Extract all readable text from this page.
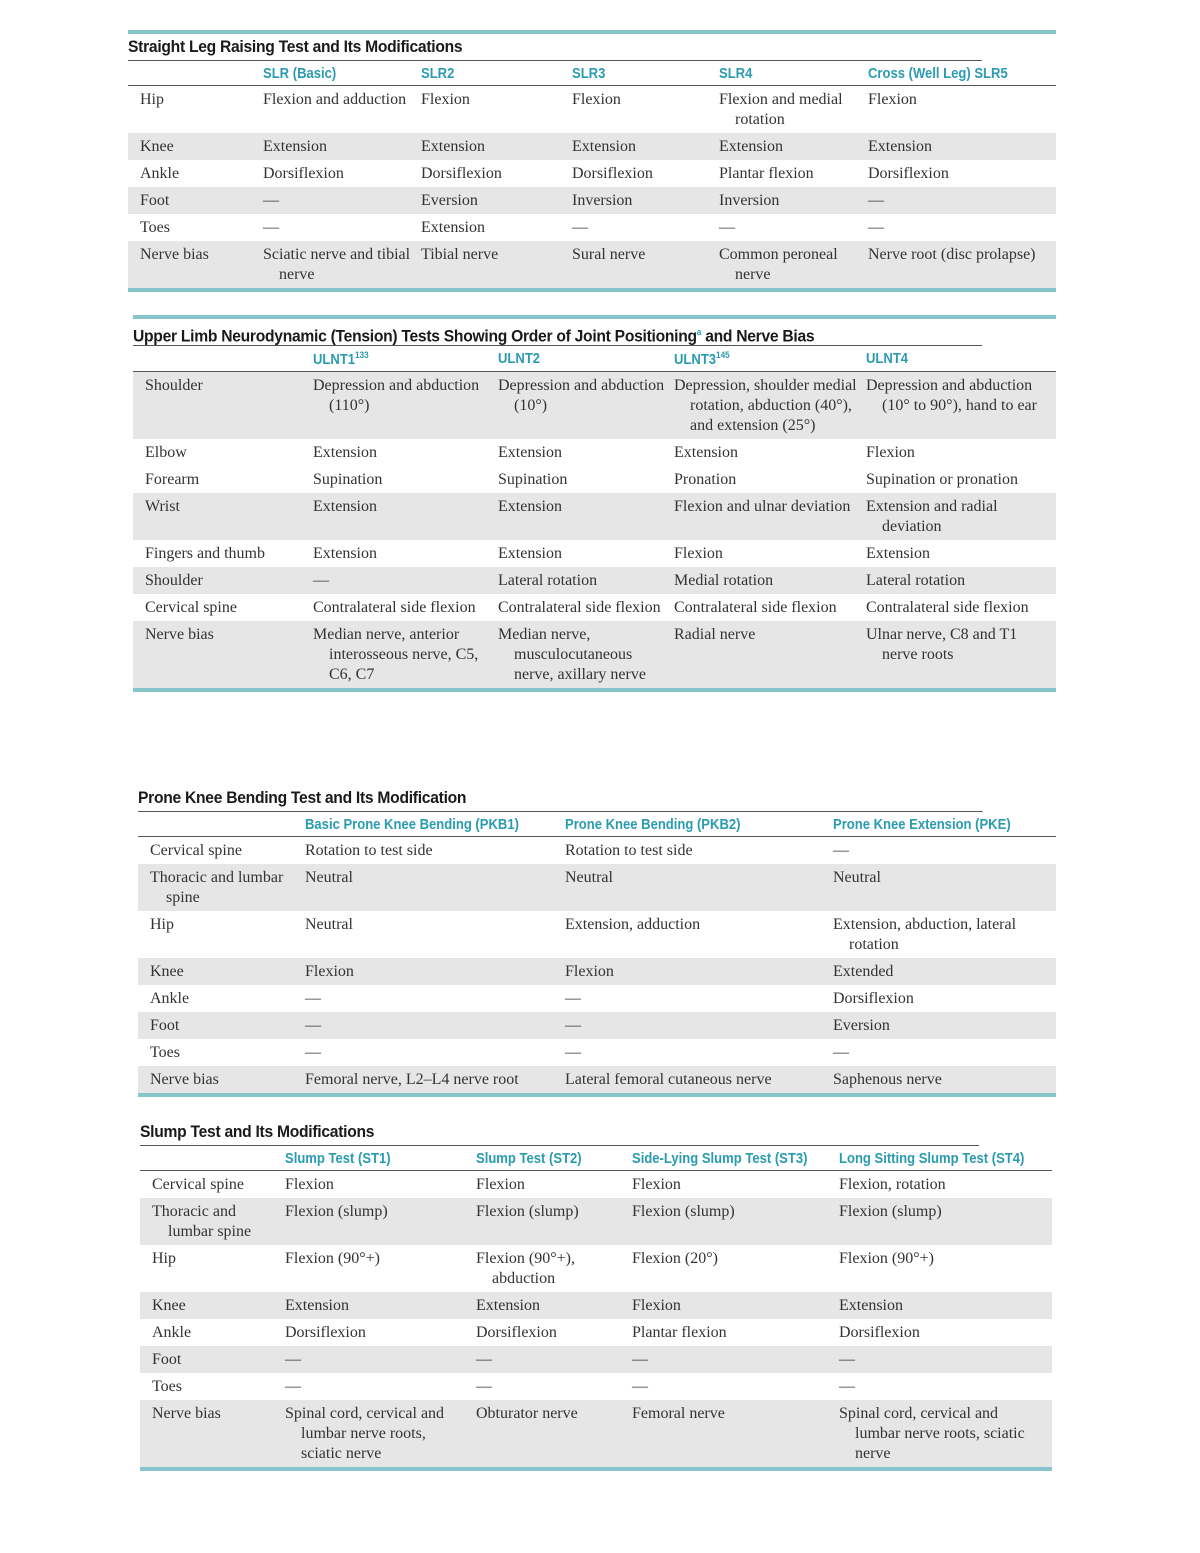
Straight Leg Raising Test and Its Modifications
	SLR (Basic)	SLR2	SLR3	SLR4	Cross (Well Leg) SLR5

Hip	Flexion and adduction	Flexion	Flexion	Flexion and medial rotation	Flexion

Knee	Extension	Extension	Extension	Extension	Extension

Ankle	Dorsiflexion	Dorsiflexion	Dorsiflexion	Plantar flexion	Dorsiflexion

Foot	—	Eversion	Inversion	Inversion	—

Toes	—	Extension	—	—	—

Nerve bias	Sciatic nerve and tibial nerve	Tibial nerve	Sural nerve	Common peroneal nerve	Nerve root (disc prolapse)
Upper Limb Neurodynamic (Tension) Tests Showing Order of Joint Positioning$^a$ and Nerve Bias
	$ULNT1^{133}$	ULNT2	$ULNT3^{145}$	ULNT4

Shoulder	Depression and abduction (110°)	Depression and abduction (10°)	Depression, shoulder medial rotation, abduction (40°), and extension (25°)	Depression and abduction (10° to 90°), hand to ear

Elbow	Extension	Extension	Extension	Flexion

Forearm	Supination	Supination	Pronation	Supination or pronation

Wrist	Extension	Extension	Flexion and ulnar deviation	Extension and radial deviation

Fingers and thumb	Extension	Extension	Flexion	Extension

Shoulder	—	Lateral rotation	Medial rotation	Lateral rotation

Cervical spine	Contralateral side flexion	Contralateral side flexion	Contralateral side flexion	Contralateral side flexion

Nerve bias	Median nerve, anterior interosseous nerve, C5, C6, C7	Median nerve, musculocutaneous nerve, axillary nerve	Radial nerve	Ulnar nerve, C8 and T1 nerve roots
Prone Knee Bending Test and Its Modification
	Basic Prone Knee Bending (PKB1)	Prone Knee Bending (PKB2)	Prone Knee Extension (PKE)

Cervical spine	Rotation to test side	Rotation to test side	—

Thoracic and lumbar spine	Neutral	Neutral	Neutral

Hip	Neutral	Extension, adduction	Extension, abduction, lateral rotation

Knee	Flexion	Flexion	Extended

Ankle	—	—	Dorsiflexion

Foot	—	—	Eversion

Toes	—	—	—

Nerve bias	Femoral nerve, L2–L4 nerve root	Lateral femoral cutaneous nerve	Saphenous nerve
Slump Test and Its Modifications
	Slump Test (ST1)	Slump Test (ST2)	Side-Lying Slump Test (ST3)	Long Sitting Slump Test (ST4)

Cervical spine	Flexion	Flexion	Flexion	Flexion, rotation

Thoracic and lumbar spine	Flexion (slump)	Flexion (slump)	Flexion (slump)	Flexion (slump)

Hip	Flexion (90°+)	Flexion (90°+), abduction	Flexion (20°)	Flexion (90°+)

Knee	Extension	Extension	Flexion	Extension

Ankle	Dorsiflexion	Dorsiflexion	Plantar flexion	Dorsiflexion

Foot	—	—	—	—

Toes	—	—	—	—

Nerve bias	Spinal cord, cervical and lumbar nerve roots, sciatic nerve	Obturator nerve	Femoral nerve	Spinal cord, cervical and lumbar nerve roots, sciatic nerve
